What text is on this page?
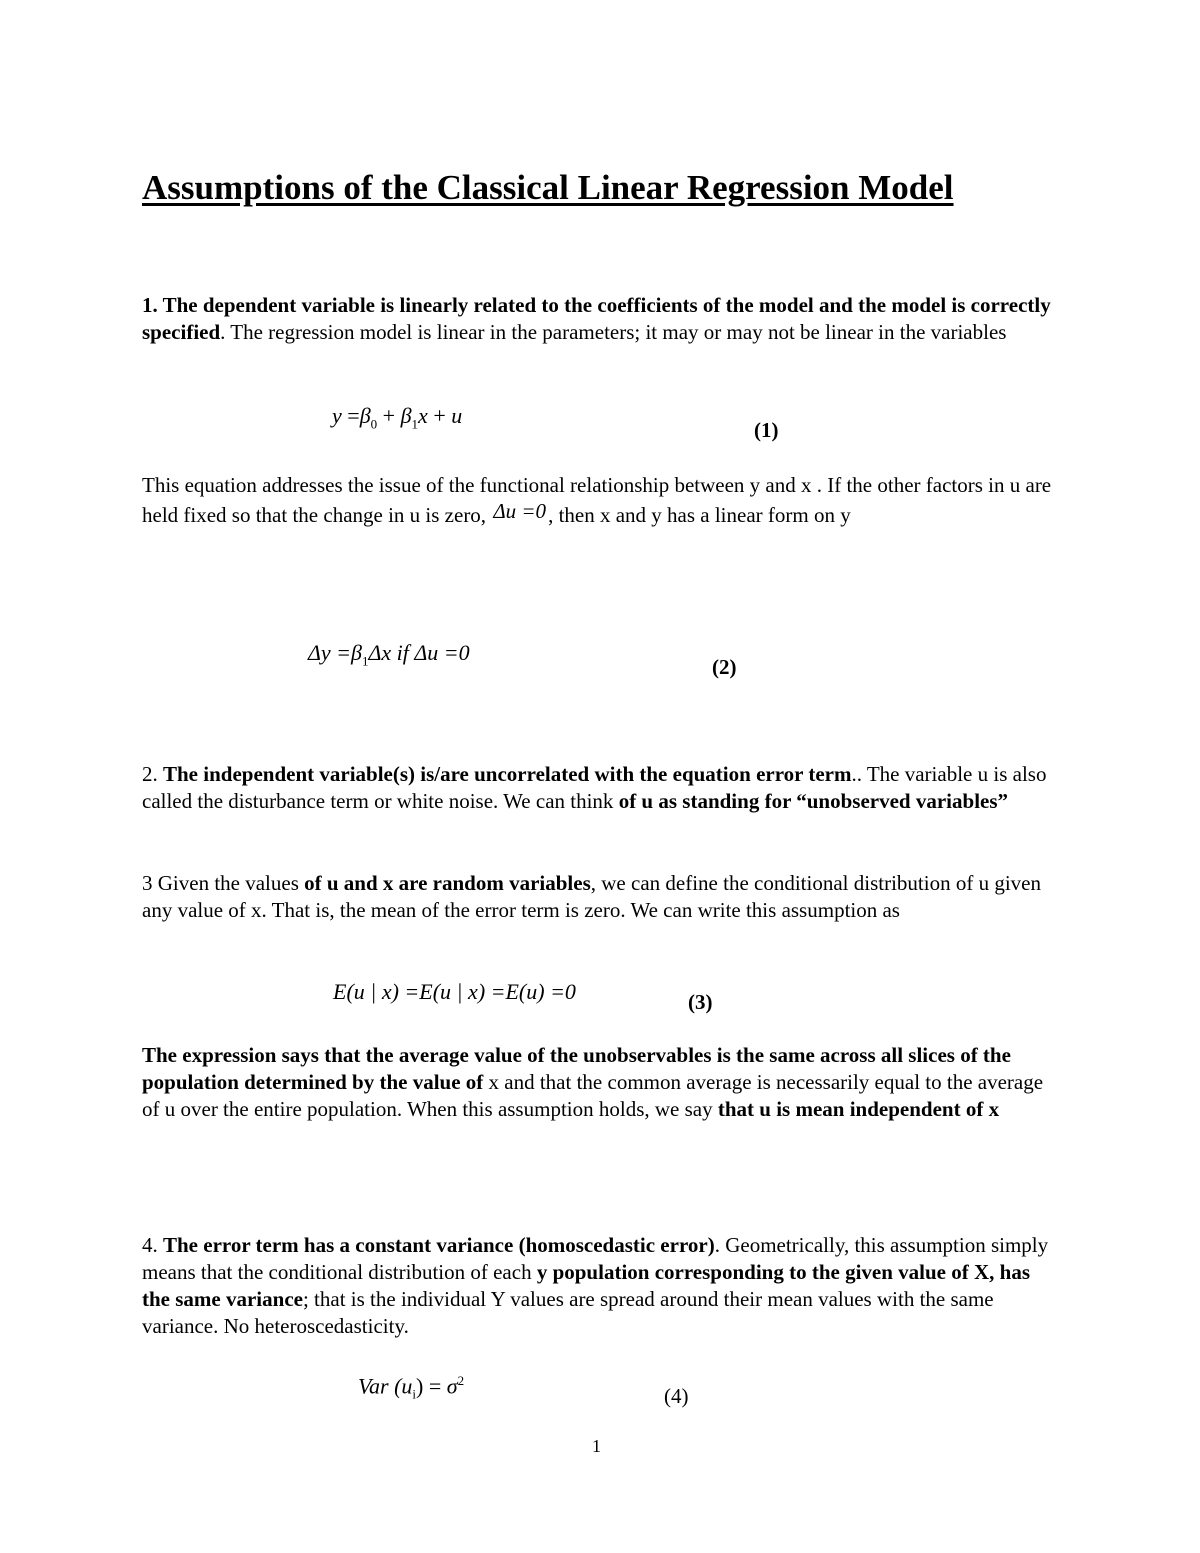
Assumptions of the Classical Linear Regression Model

1. The dependent variable is linearly related to the coefficients of the model and the model is correctly specified. The regression model is linear in the parameters; it may or may not be linear in the variables

$y =\beta_0 + \beta_1x + u$
(1)

This equation addresses the issue of the functional relationship between y and x . If the other factors in u are held fixed so that the change in u is zero, Δu =0, then x and y has a linear form on y

$\Delta y =\beta_1\Delta x$ if Δu =0
(2)

2. The independent variable(s) is/are uncorrelated with the equation error term.. The variable u is also called the disturbance term or white noise. We can think of u as standing for “unobserved variables”

3 Given the values of u and x are random variables, we can define the conditional distribution of u given any value of x. That is, the mean of the error term is zero. We can write this assumption as

E(u | x) =E(u | x) =E(u) =0	(3)

The expression says that the average value of the unobservables is the same across all slices of the population determined by the value of x and that the common average is necessarily equal to the average of u over the entire population. When this assumption holds, we say that u is mean independent of x

4. The error term has a constant variance (homoscedastic error). Geometrically, this assumption simply means that the conditional distribution of each y population corresponding to the given value of X, has the same variance; that is the individual Y values are spread around their mean values with the same variance. No heteroscedasticity.

Var $(u_i) = \sigma^2$
(4)
1
